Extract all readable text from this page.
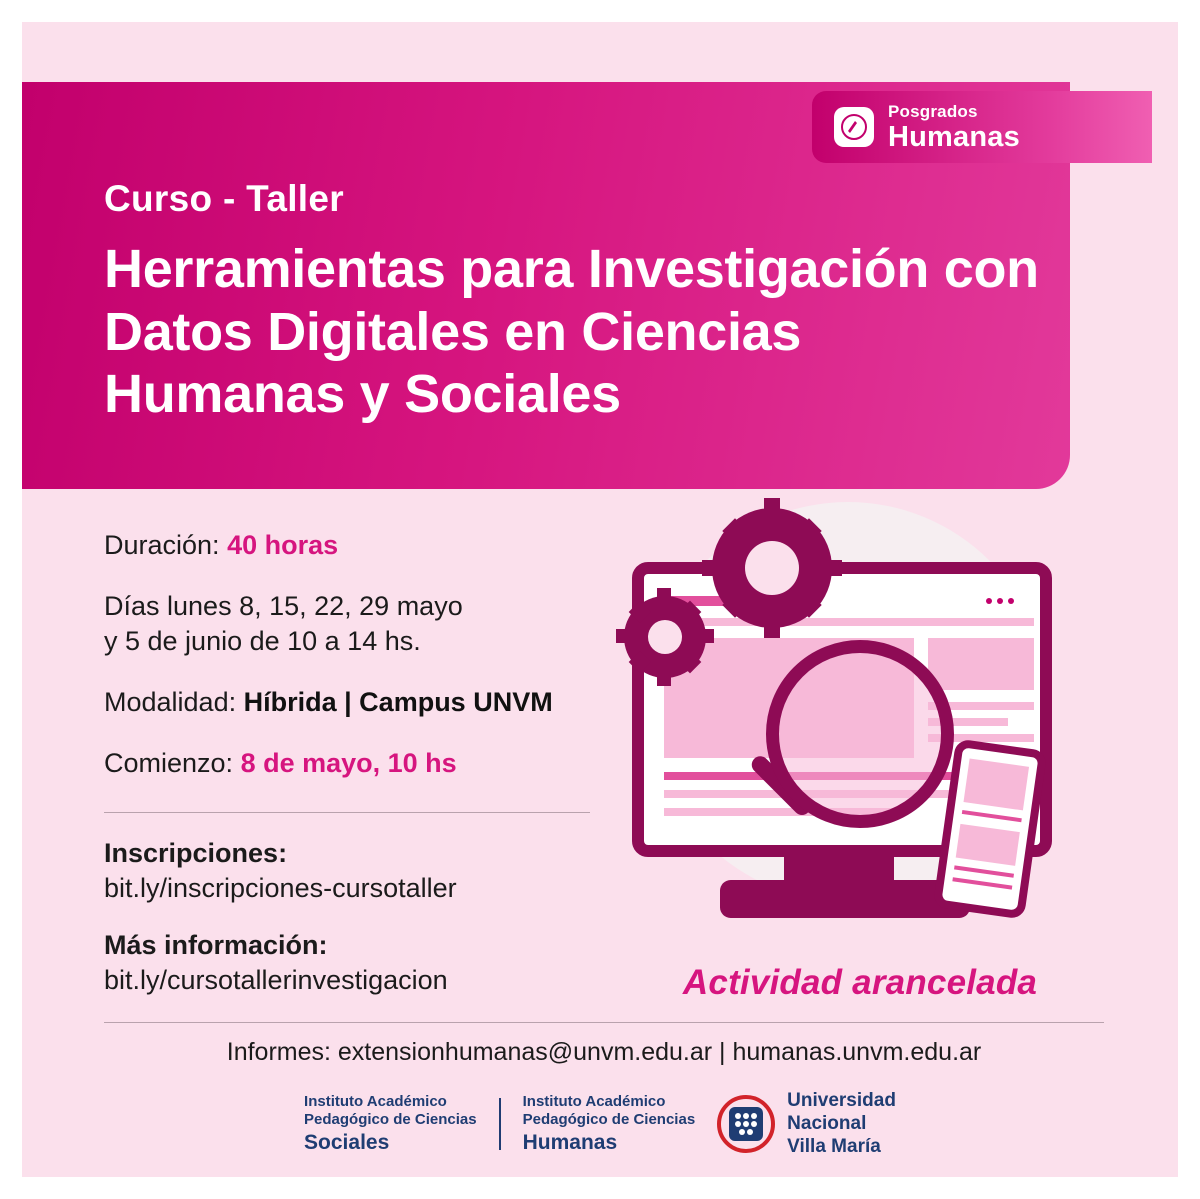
Posgrados
Humanas
Curso - Taller
Herramientas para Investigación con Datos Digitales en Ciencias Humanas y Sociales
Duración: 40 horas
Días lunes 8, 15, 22, 29 mayo
y 5 de junio de 10 a 14 hs.
Modalidad: Híbrida | Campus UNVM
Comienzo: 8 de mayo, 10 hs
Inscripciones:
bit.ly/inscripciones-cursotaller
Más información:
bit.ly/cursotallerinvestigacion	Actividad arancelada
Informes: extensionhumanas@unvm.edu.ar | humanas.unvm.edu.ar
Instituto Académico
Pedagógico de Ciencias
Sociales
Instituto Académico
Pedagógico de Ciencias
Humanas
Universidad
Nacional
Villa María
